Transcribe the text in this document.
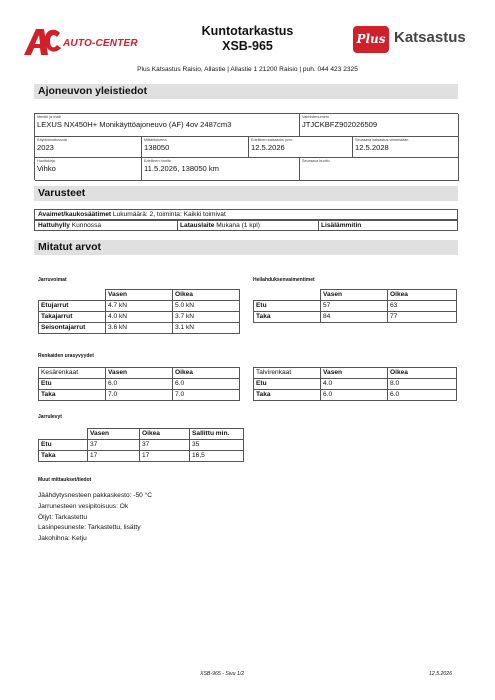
AUTO-CENTER
Kuntotarkastus
XSB-965	Plus Katsastus
Plus Katsastus Raisio, Allastie | Allastie 1 21200 Raisio | puh. 044 423 2325
Ajoneuvon yleistiedot
Merkki ja malli
LEXUS NX450H+ Monikäyttöajoneuvo (AF) 4ov 2487cm3
Valmistenumero
JTJCKBFZ902026509
Käyttöönottovuosi
2023
Mittarilukema
138050
Edellinen katsastus pvm.
12.5.2026
Seuraava katsastus viimeistään
12.5.2028
Huoltokirja
Vihko
Edellinen huolto
11.5.2026, 138050 km
Seuraava huolto
Varusteet
Avaimet/kaukosäätimet Lukumäärä: 2, toiminta: Kaikki toimivat
Hattuhylly Kunnossa	Latauslaite Mukana (1 kpl)	Lisälämmitin
Mitatut arvot
Jarruvoimat
	Vasen	Oikea
Etujarrut	4.7 kN	5.0 kN
Takajarrut	4.0 kN	3.7 kN
Seisontajarrut	3.6 kN	3.1 kN
Heilahduksenvaimentimet
	Vasen	Oikea
Etu	57	63
Taka	84	77
Renkaiden urasyvyydet
Kesärenkaat	Vasen	Oikea
Etu	6.0	6.0
Taka	7.0	7.0
Talvirenkaat	Vasen	Oikea
Etu	4.0	8.0
Taka	6.0	6.0
Jarrulevyt
	Vasen	Oikea	Sallittu min.
Etu	37	37	35
Taka	17	17	16,5
Muut mittaukset/tiedot
Jäähdytysnesteen pakkaskesto: -50 °C
Jarrunesteen vesipitoisuus: Ok
Öljyt: Tarkastettu
Lasinpesuneste: Tarkastettu, lisätty
Jakohihna: Ketju
XSB-965 - Sivu 1/2	12.5.2026
